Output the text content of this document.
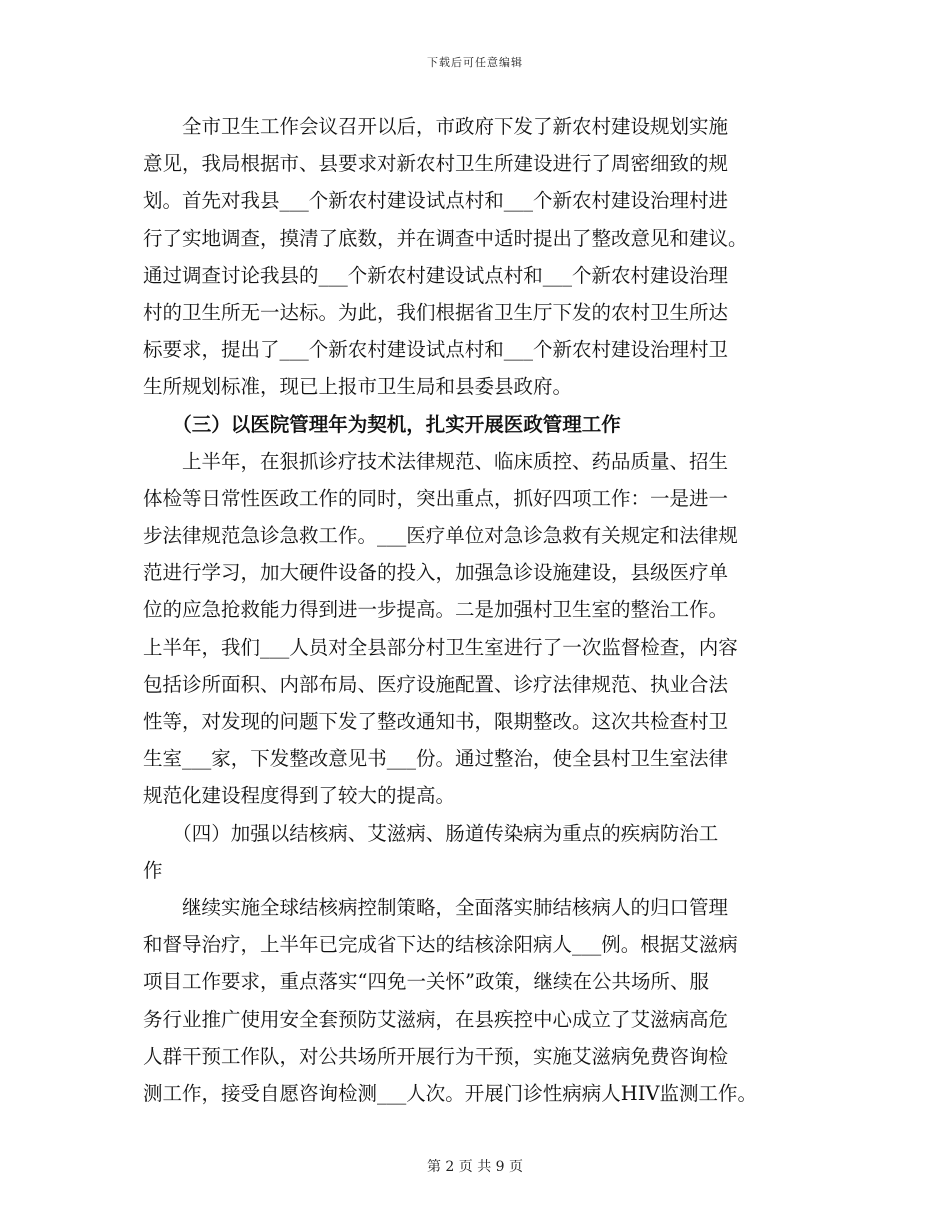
下载后可任意编辑
　　全市卫生工作会议召开以后，市政府下发了新农村建设规划实施
意见，我局根据市、县要求对新农村卫生所建设进行了周密细致的规
划。首先对我县___个新农村建设试点村和___个新农村建设治理村进
行了实地调查，摸清了底数，并在调查中适时提出了整改意见和建议。
通过调查讨论我县的___个新农村建设试点村和___个新农村建设治理
村的卫生所无一达标。为此，我们根据省卫生厅下发的农村卫生所达
标要求，提出了___个新农村建设试点村和___个新农村建设治理村卫
生所规划标准，现已上报市卫生局和县委县政府。
　　（三）以医院管理年为契机，扎实开展医政管理工作
　　上半年，在狠抓诊疗技术法律规范、临床质控、药品质量、招生
体检等日常性医政工作的同时，突出重点，抓好四项工作：一是进一
步法律规范急诊急救工作。___医疗单位对急诊急救有关规定和法律规
范进行学习，加大硬件设备的投入，加强急诊设施建设，县级医疗单
位的应急抢救能力得到进一步提高。二是加强村卫生室的整治工作。
上半年，我们___人员对全县部分村卫生室进行了一次监督检查，内容
包括诊所面积、内部布局、医疗设施配置、诊疗法律规范、执业合法
性等，对发现的问题下发了整改通知书，限期整改。这次共检查村卫
生室___家，下发整改意见书___份。通过整治，使全县村卫生室法律
规范化建设程度得到了较大的提高。
　　（四）加强以结核病、艾滋病、肠道传染病为重点的疾病防治工
作
　　继续实施全球结核病控制策略，全面落实肺结核病人的归口管理
和督导治疗，上半年已完成省下达的结核涂阳病人___例。根据艾滋病
项目工作要求，重点落实“四免一关怀”政策，继续在公共场所、服
务行业推广使用安全套预防艾滋病，在县疾控中心成立了艾滋病高危
人群干预工作队，对公共场所开展行为干预，实施艾滋病免费咨询检
测工作，接受自愿咨询检测___人次。开展门诊性病病人HIV监测工作。
第 2 页 共 9 页
